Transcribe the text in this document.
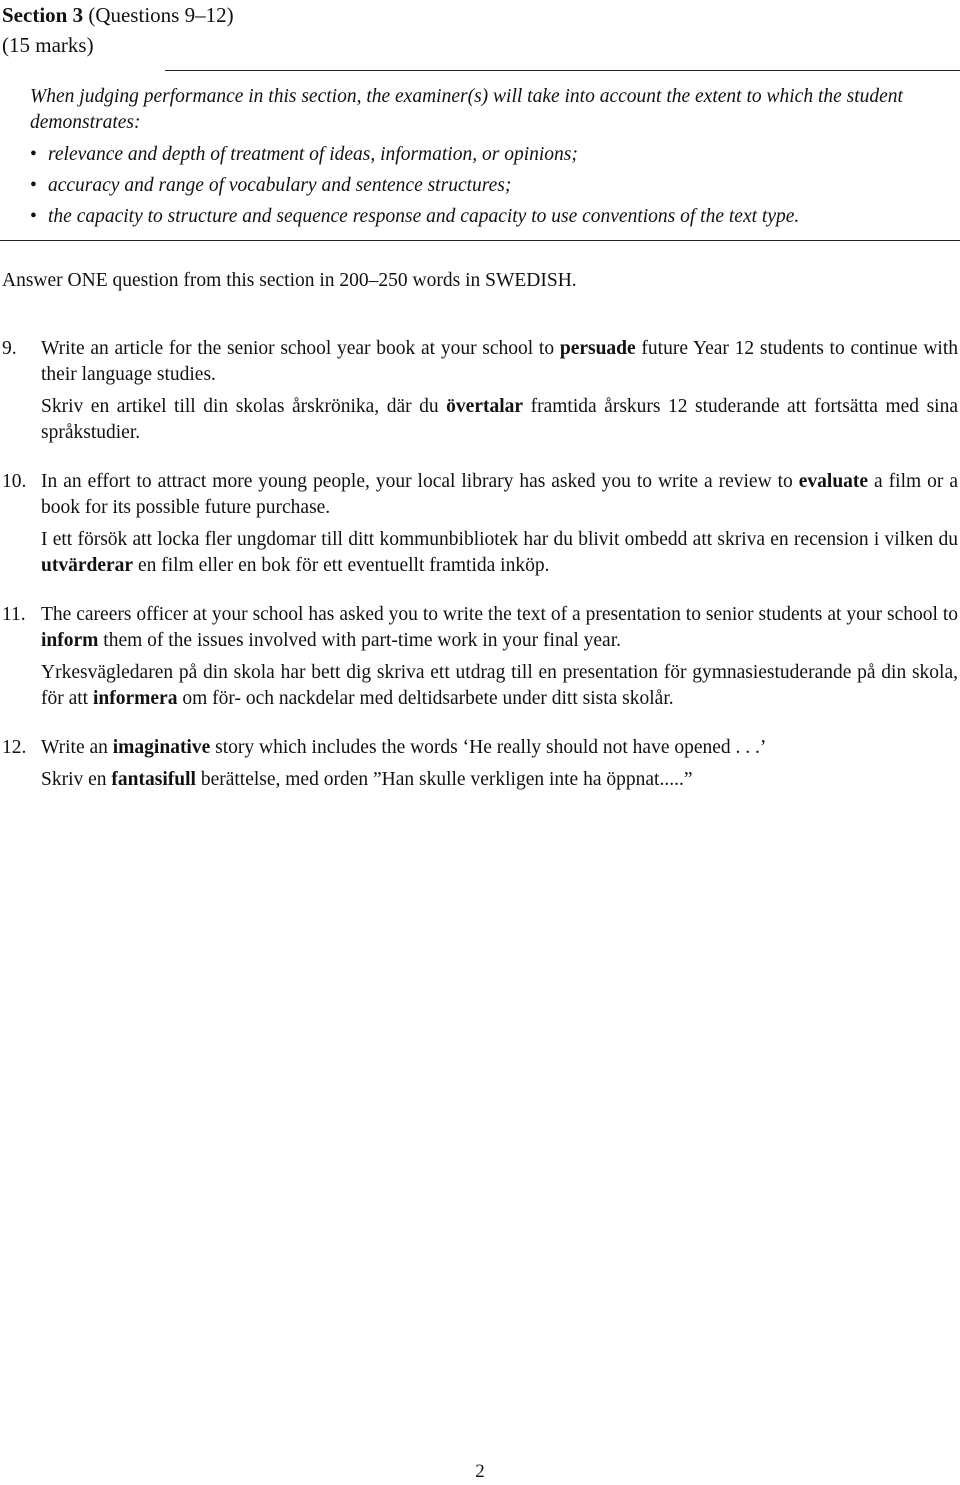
Section 3 (Questions 9–12)
(15 marks)

When judging performance in this section, the examiner(s) will take into account the extent to which the student demonstrates:

• relevance and depth of treatment of ideas, information, or opinions;
• accuracy and range of vocabulary and sentence structures;
• the capacity to structure and sequence response and capacity to use conventions of the text type.
Answer ONE question from this section in 200–250 words in SWEDISH.
9. Write an article for the senior school year book at your school to persuade future Year 12 students to continue with their language studies.

Skriv en artikel till din skolas årskrönika, där du övertalar framtida årskurs 12 studerande att fortsätta med sina språkstudier.

10. In an effort to attract more young people, your local library has asked you to write a review to evaluate a film or a book for its possible future purchase.

I ett försök att locka fler ungdomar till ditt kommunbibliotek har du blivit ombedd att skriva en recension i vilken du utvärderar en film eller en bok för ett eventuellt framtida inköp.

11. The careers officer at your school has asked you to write the text of a presentation to senior students at your school to inform them of the issues involved with part-time work in your final year.

Yrkesvägledaren på din skola har bett dig skriva ett utdrag till en presentation för gymnasiestuderande på din skola, för att informera om för- och nackdelar med deltidsarbete under ditt sista skolår.

12. Write an imaginative story which includes the words ‘He really should not have opened . . .’

Skriv en fantasifull berättelse, med orden ”Han skulle verkligen inte ha öppnat.....”

2
